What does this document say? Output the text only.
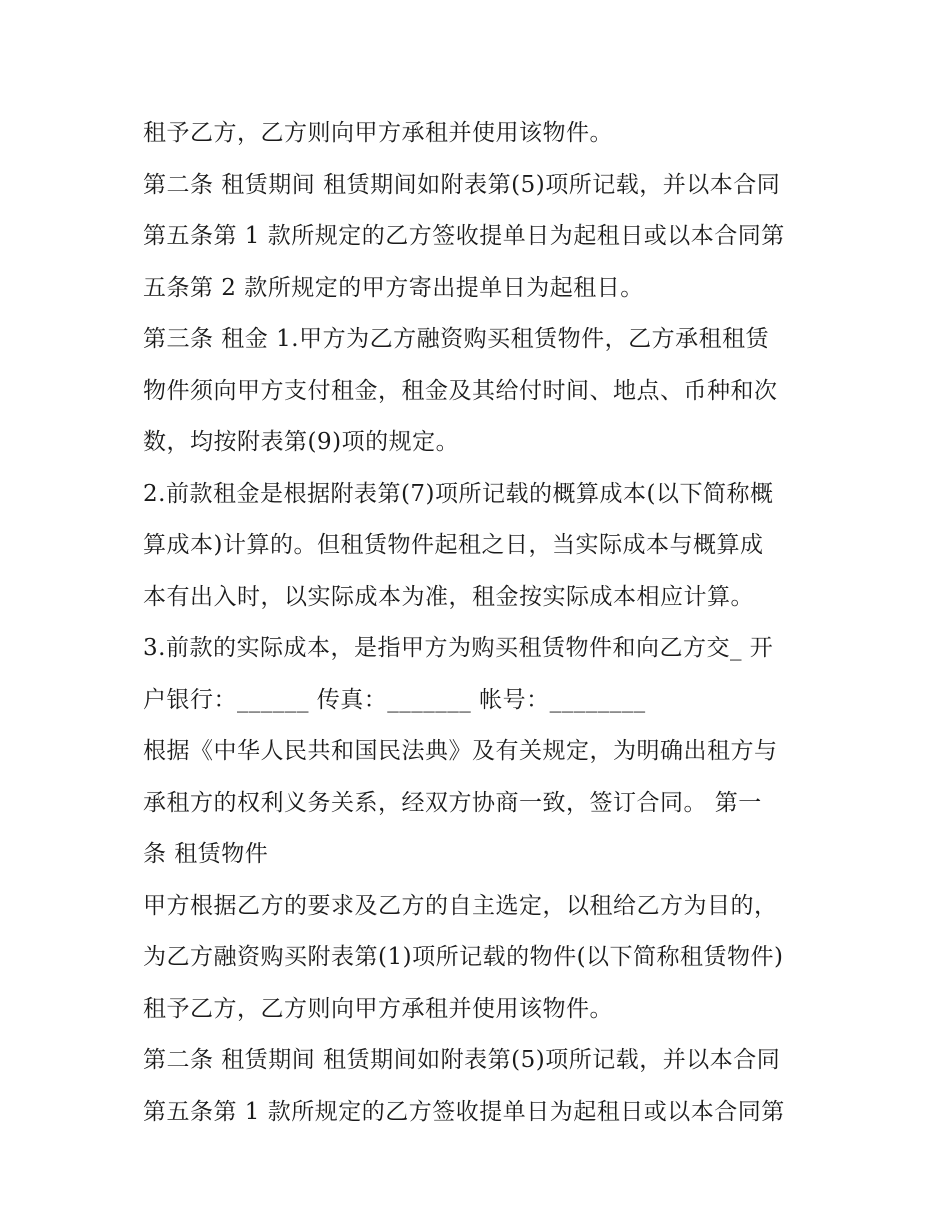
租予乙方，乙方则向甲方承租并使用该物件。
第二条 租赁期间 租赁期间如附表第(5)项所记载，并以本合同
第五条第 1 款所规定的乙方签收提单日为起租日或以本合同第
五条第 2 款所规定的甲方寄出提单日为起租日。
第三条 租金 1.甲方为乙方融资购买租赁物件，乙方承租租赁
物件须向甲方支付租金，租金及其给付时间、地点、币种和次
数，均按附表第(9)项的规定。
2.前款租金是根据附表第(7)项所记载的概算成本(以下简称概
算成本)计算的。但租赁物件起租之日，当实际成本与概算成
本有出入时，以实际成本为准，租金按实际成本相应计算。
3.前款的实际成本，是指甲方为购买租赁物件和向乙方交_ 开
户银行：______ 传真：_______ 帐号：________
根据《中华人民共和国民法典》及有关规定，为明确出租方与
承租方的权利义务关系，经双方协商一致，签订合同。 第一
条 租赁物件
甲方根据乙方的要求及乙方的自主选定，以租给乙方为目的，
为乙方融资购买附表第(1)项所记载的物件(以下简称租赁物件)
租予乙方，乙方则向甲方承租并使用该物件。
第二条 租赁期间 租赁期间如附表第(5)项所记载，并以本合同
第五条第 1 款所规定的乙方签收提单日为起租日或以本合同第
